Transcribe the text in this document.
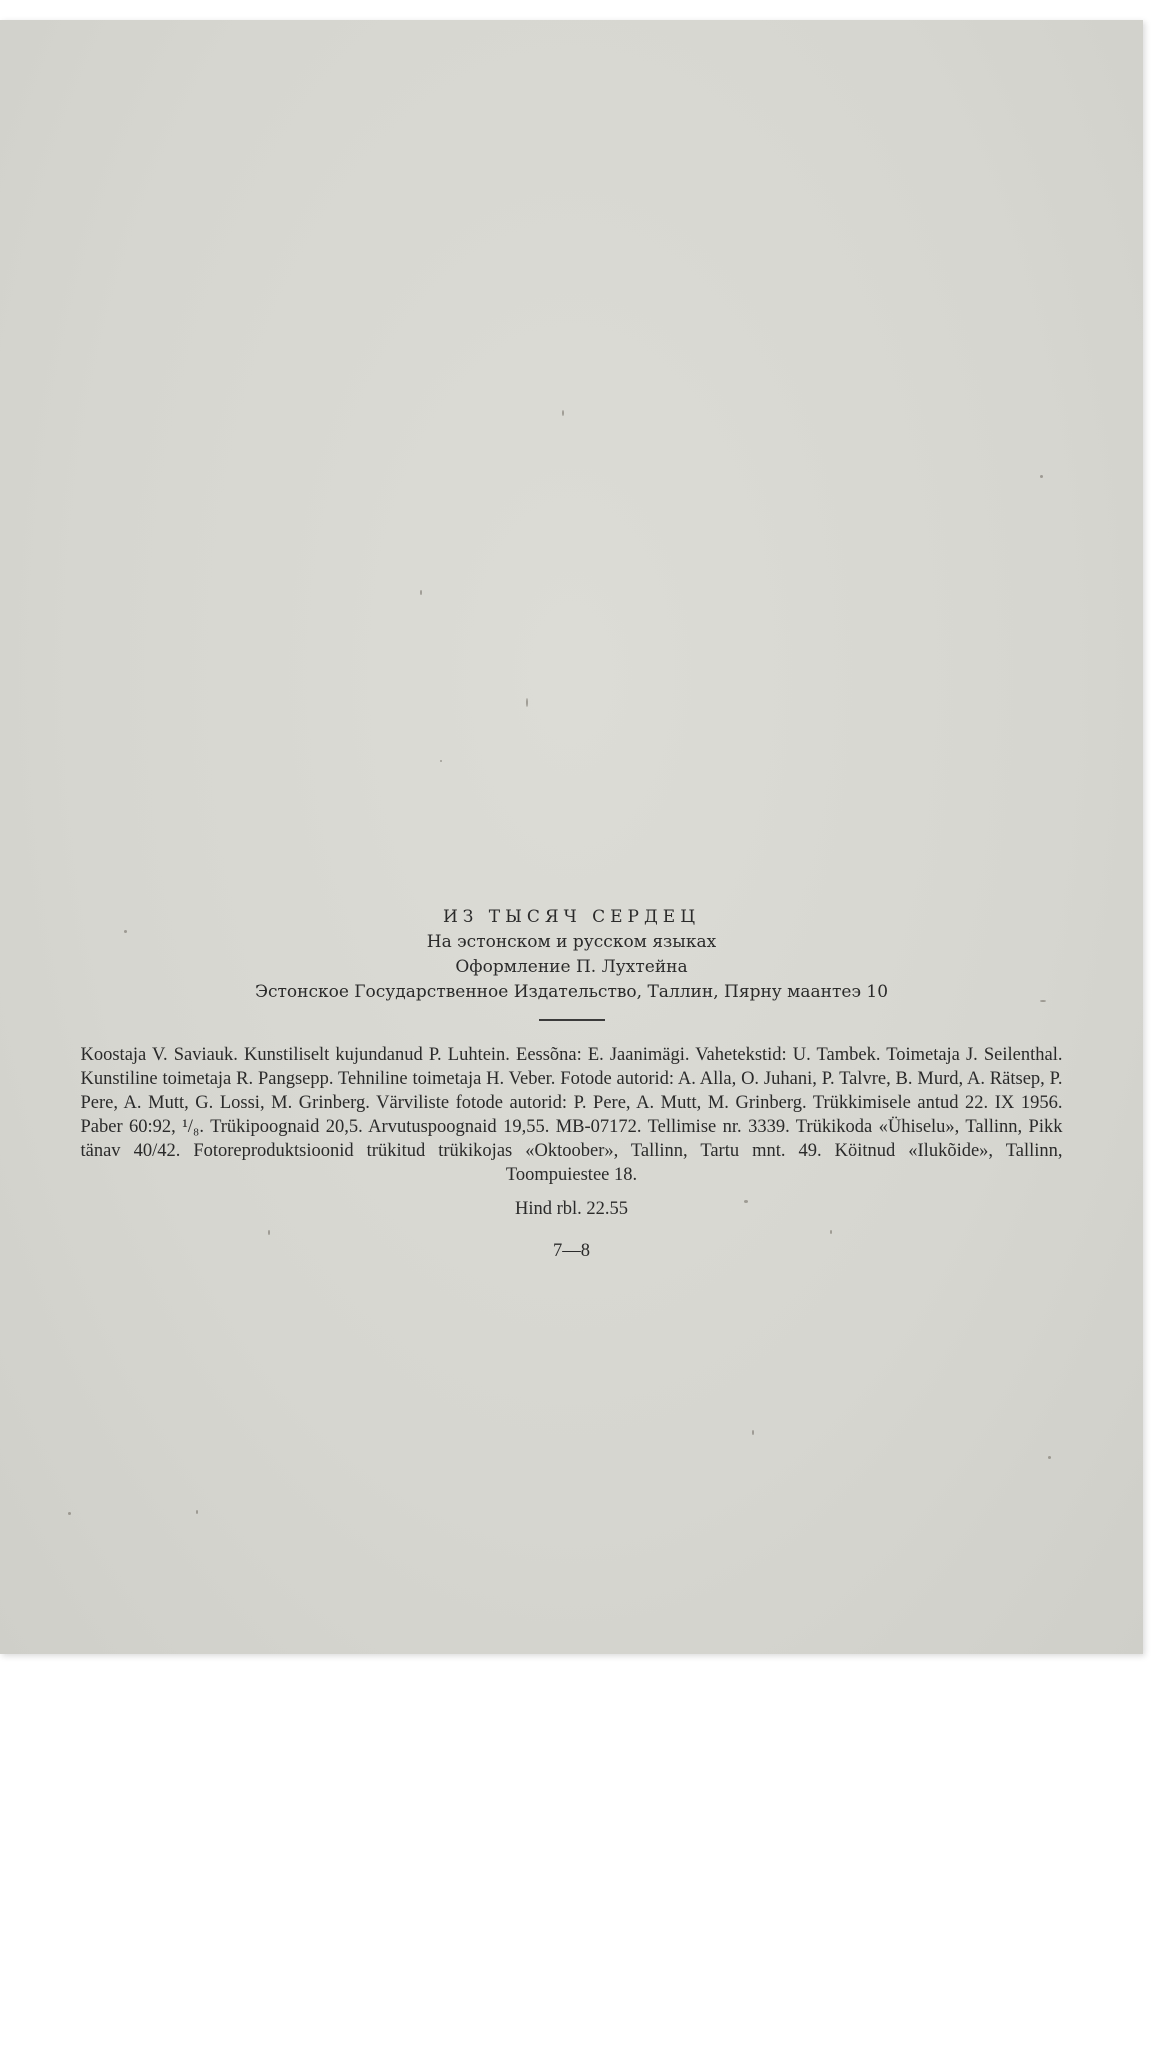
ИЗ ТЫСЯЧ СЕРДЕЦ

На эстонском и русском языках

Оформление П. Лухтейна

Эстонское Государственное Издательство, Таллин, Пярну маантеэ 10

Koostaja V. Saviauk. Kunstiliselt kujundanud P. Luhtein. Eessõna: E. Jaanimägi. Vahetekstid: U. Tambek. Toimetaja J. Seilenthal. Kunstiline toimetaja R. Pangsepp. Tehniline toimetaja H. Veber. Fotode autorid: A. Alla, O. Juhani, P. Talvre, B. Murd, A. Rätsep, P. Pere, A. Mutt, G. Lossi, M. Grinberg. Värviliste fotode autorid: P. Pere, A. Mutt, M. Grinberg. Trükkimisele antud 22. IX 1956. Paber 60:92, ¹/₈. Trükipoognaid 20,5. Arvutuspoognaid 19,55. MB-07172. Tellimise nr. 3339. Trükikoda «Ühiselu», Tallinn, Pikk tänav 40/42. Fotoreproduktsioonid trükitud trükikojas «Oktoober», Tallinn, Tartu mnt. 49. Köitnud «Ilukõide», Tallinn, Toompuiestee 18.

Hind rbl. 22.55

7—8
